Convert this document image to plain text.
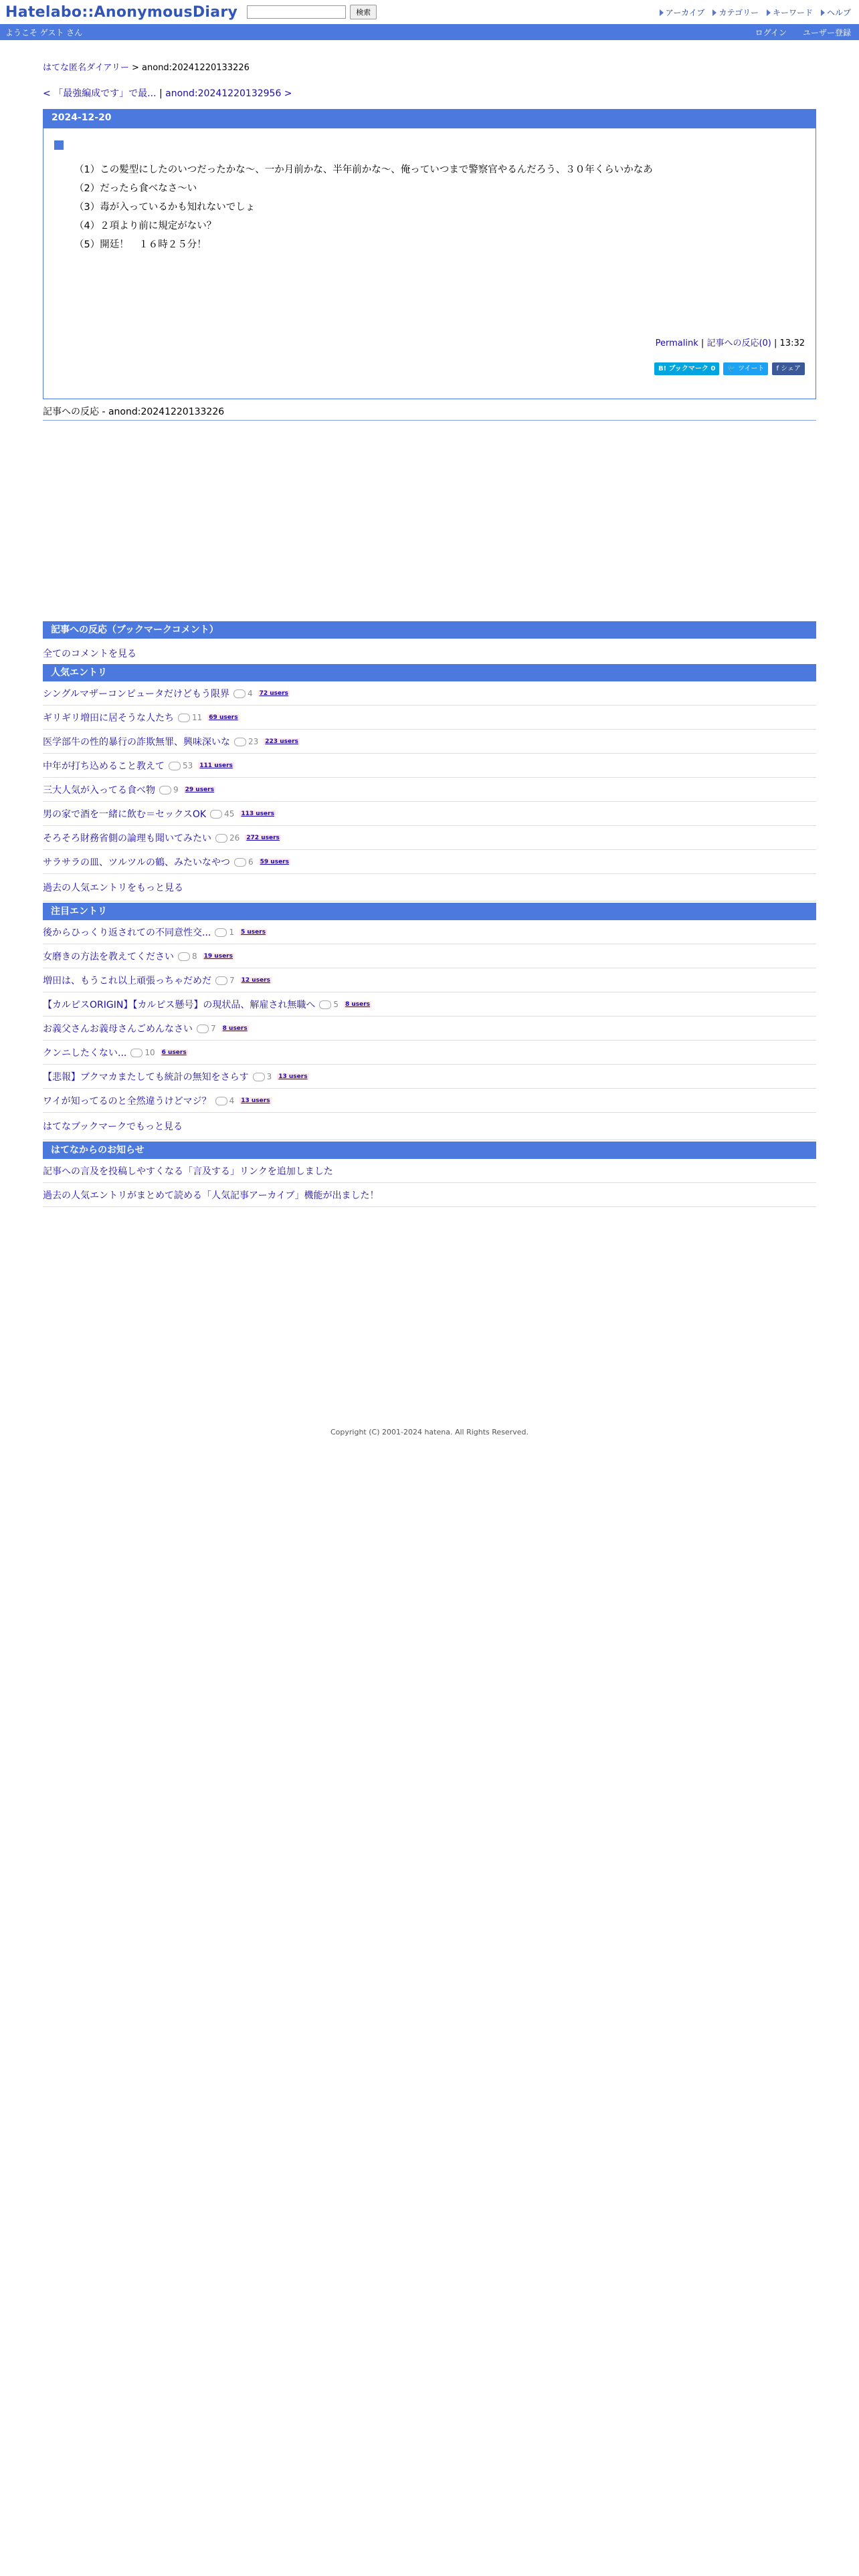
Hatelabo::AnonymousDiary	検索	アーカイブ カテゴリー キーワード ヘルプ
ようこそ ゲスト さん	ログイン ユーザー登録
はてな匿名ダイアリー > anond:20241220133226
< 「最強編成です」で最... | anond:20241220132956 >
2024-12-20

（1）この髪型にしたのいつだったかな〜、一か月前かな、半年前かな〜、俺っていつまで警察官やるんだろう、３０年くらいかなあ

（2）だったら食べなさ〜い

（3）毒が入っているかも知れないでしょ

（4）２項より前に規定がない？

（5）開廷！　１６時２５分！

Permalink | 記事への反応(0) | 13:32
B! ブックマーク 0	🐦 ツイート	f シェア
記事への反応 - anond:20241220133226
記事への反応（ブックマークコメント）
全てのコメントを見る
人気エントリ
シングルマザーコンピュータだけどもう限界 4 72 users
ギリギリ増田に居そうな人たち 11 69 users
医学部牛の性的暴行の詐欺無罪、興味深いな 23 223 users
中年が打ち込めること教えて 53 111 users
三大人気が入ってる食べ物 9 29 users
男の家で酒を一緒に飲む＝セックスOK 45 113 users
そろそろ財務省側の論理も聞いてみたい 26 272 users
サラサラの皿、ツルツルの鶴、みたいなやつ 6 59 users
過去の人気エントリをもっと見る
注目エントリ
後からひっくり返されての不同意性交... 1 5 users
女磨きの方法を教えてください 8 19 users
増田は、もうこれ以上頑張っちゃだめだ 7 12 users
【カルピスORIGIN】【カルピス懸号】の現状品、解雇され無職へ 5 8 users
お義父さんお義母さんごめんなさい 7 8 users
クンニしたくない... 10 6 users
【悲報】ブクマカまたしても統計の無知をさらす 3 13 users
ワイが知ってるのと全然違うけどマジ？ 4 13 users
はてなブックマークでもっと見る
はてなからのお知らせ
記事への言及を投稿しやすくなる「言及する」リンクを追加しました
過去の人気エントリがまとめて読める「人気記事アーカイブ」機能が出ました！
Copyright (C) 2001-2024 hatena. All Rights Reserved.
